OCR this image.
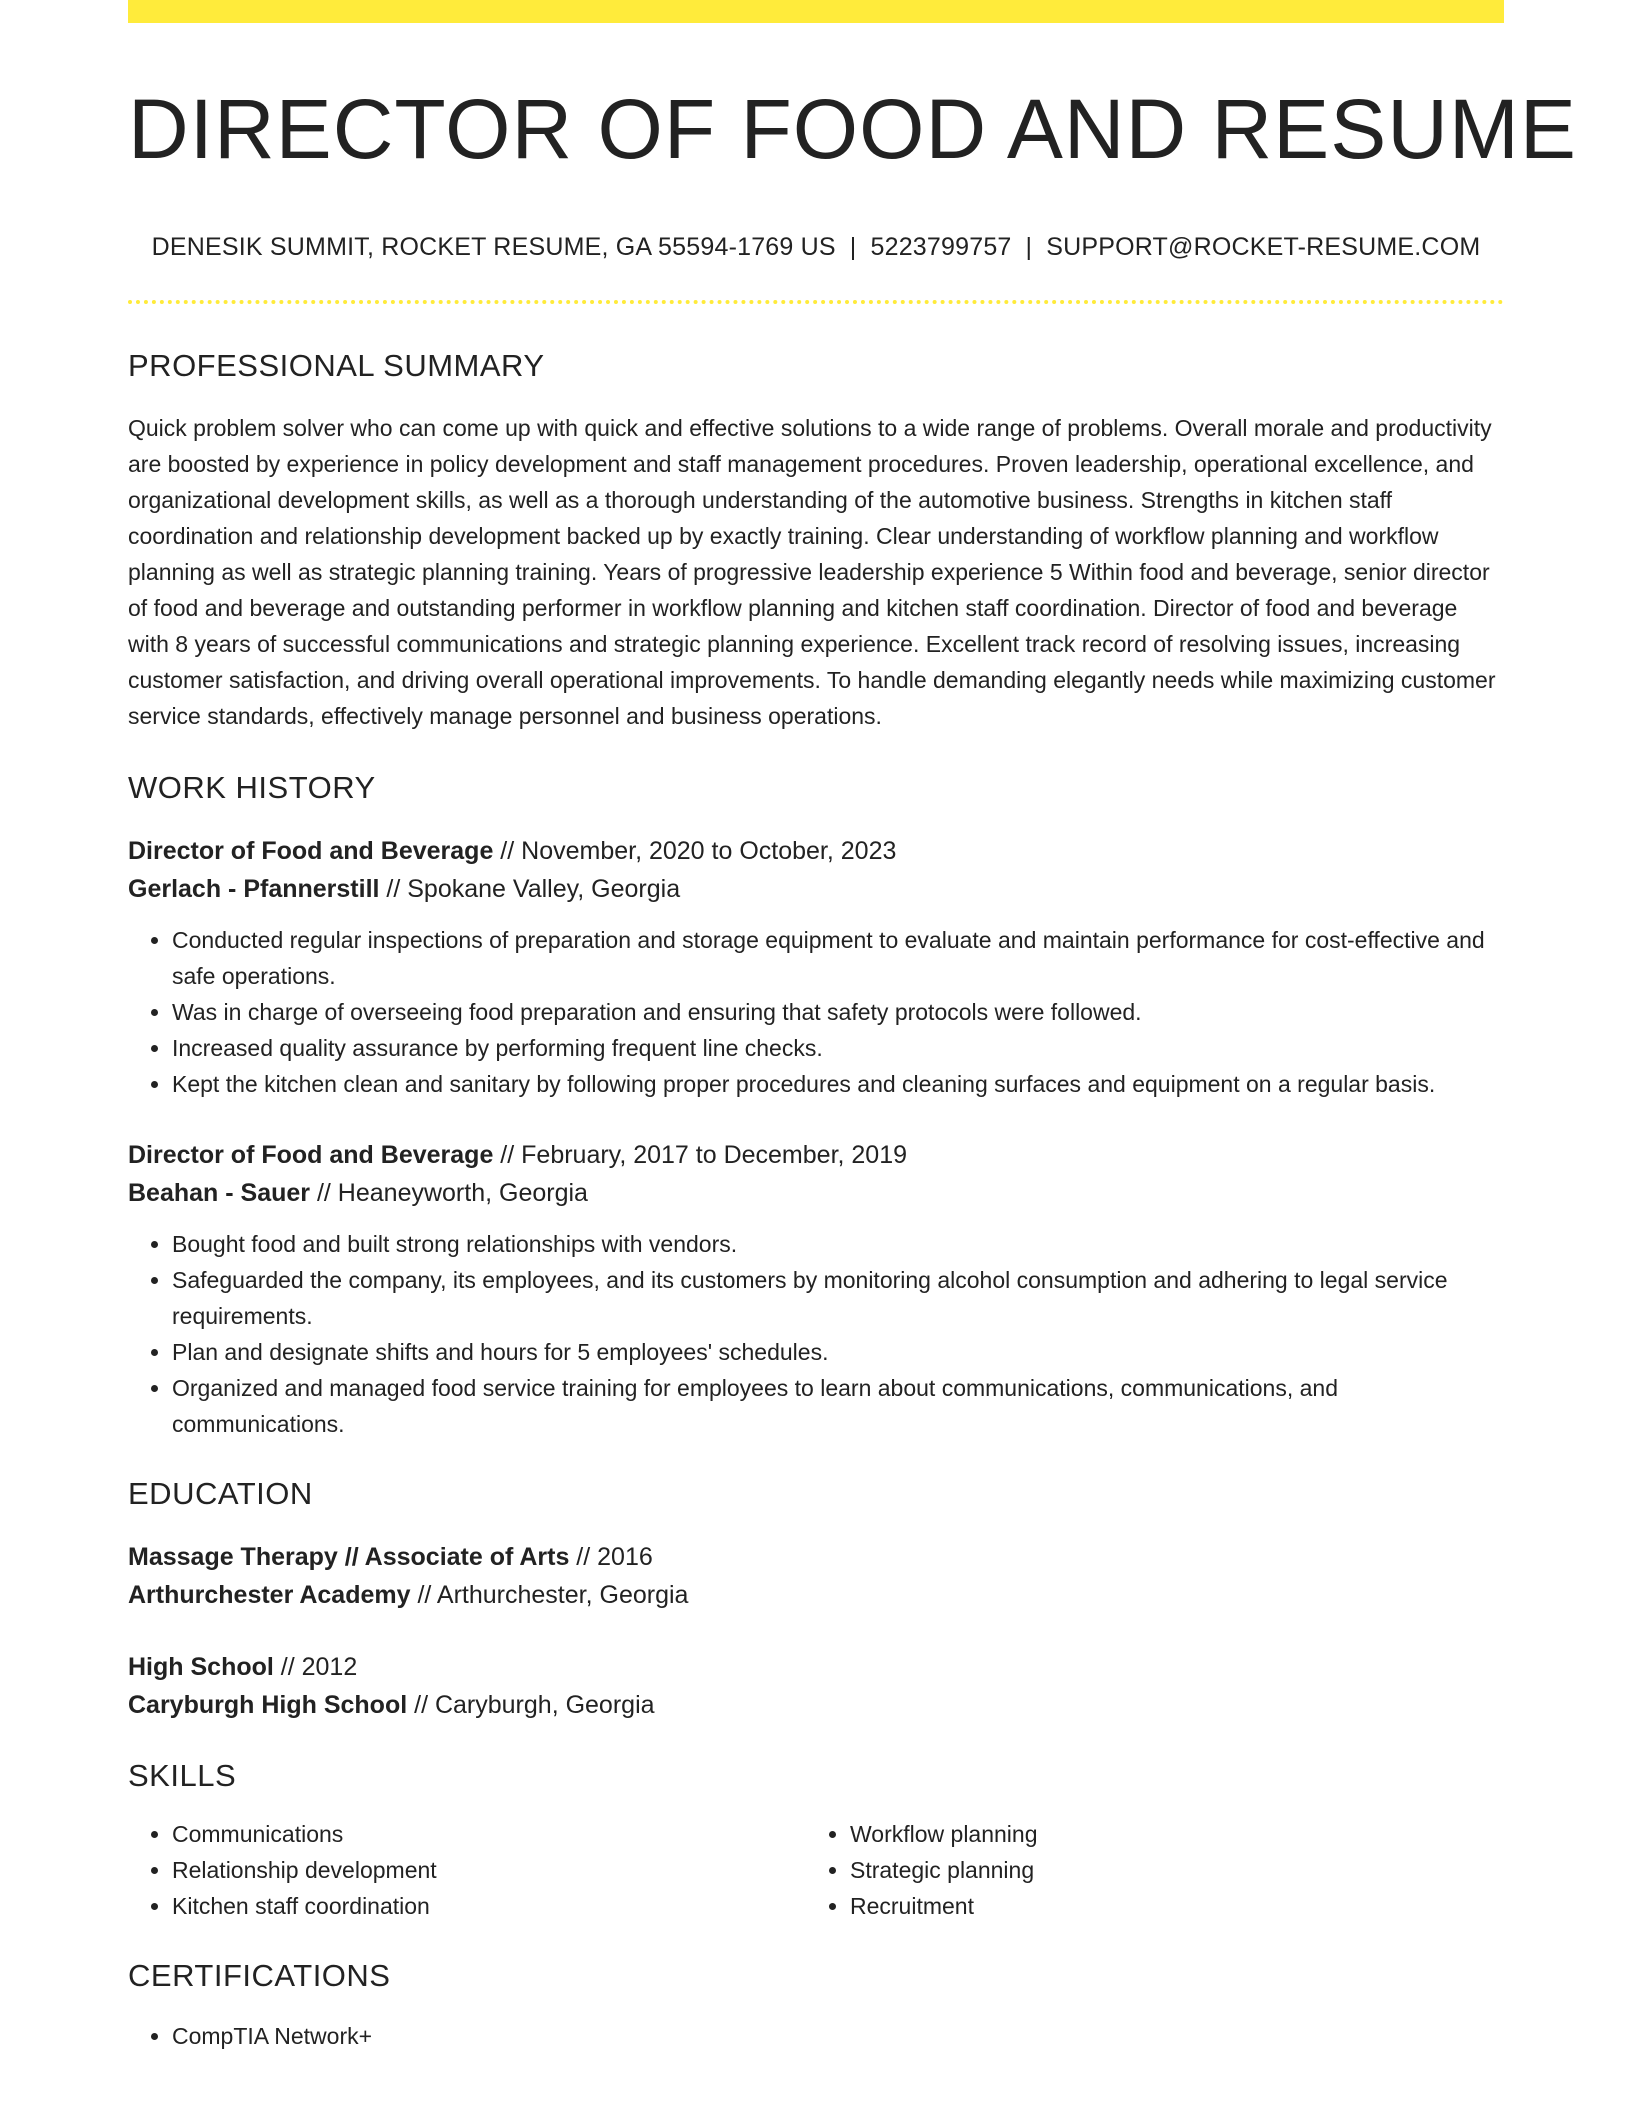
DIRECTOR OF FOOD AND RESUME
DENESIK SUMMIT, ROCKET RESUME, GA 55594-1769 US | 5223799757 | SUPPORT@ROCKET-RESUME.COM
PROFESSIONAL SUMMARY
Quick problem solver who can come up with quick and effective solutions to a wide range of problems. Overall morale and productivity are boosted by experience in policy development and staff management procedures. Proven leadership, operational excellence, and organizational development skills, as well as a thorough understanding of the automotive business. Strengths in kitchen staff coordination and relationship development backed up by exactly training. Clear understanding of workflow planning and workflow planning as well as strategic planning training. Years of progressive leadership experience 5 Within food and beverage, senior director of food and beverage and outstanding performer in workflow planning and kitchen staff coordination. Director of food and beverage with 8 years of successful communications and strategic planning experience. Excellent track record of resolving issues, increasing customer satisfaction, and driving overall operational improvements. To handle demanding elegantly needs while maximizing customer service standards, effectively manage personnel and business operations.
WORK HISTORY
Director of Food and Beverage // November, 2020 to October, 2023
Gerlach - Pfannerstill // Spokane Valley, Georgia
• Conducted regular inspections of preparation and storage equipment to evaluate and maintain performance for cost-effective and safe operations.
• Was in charge of overseeing food preparation and ensuring that safety protocols were followed.
• Increased quality assurance by performing frequent line checks.
• Kept the kitchen clean and sanitary by following proper procedures and cleaning surfaces and equipment on a regular basis.
Director of Food and Beverage // February, 2017 to December, 2019
Beahan - Sauer // Heaneyworth, Georgia
• Bought food and built strong relationships with vendors.
• Safeguarded the company, its employees, and its customers by monitoring alcohol consumption and adhering to legal service requirements.
• Plan and designate shifts and hours for 5 employees' schedules.
• Organized and managed food service training for employees to learn about communications, communications, and communications.
EDUCATION
Massage Therapy // Associate of Arts // 2016
Arthurchester Academy // Arthurchester, Georgia
High School // 2012
Caryburgh High School // Caryburgh, Georgia
SKILLS
• Communications
• Relationship development
• Kitchen staff coordination
• Workflow planning
• Strategic planning
• Recruitment
CERTIFICATIONS
• CompTIA Network+
